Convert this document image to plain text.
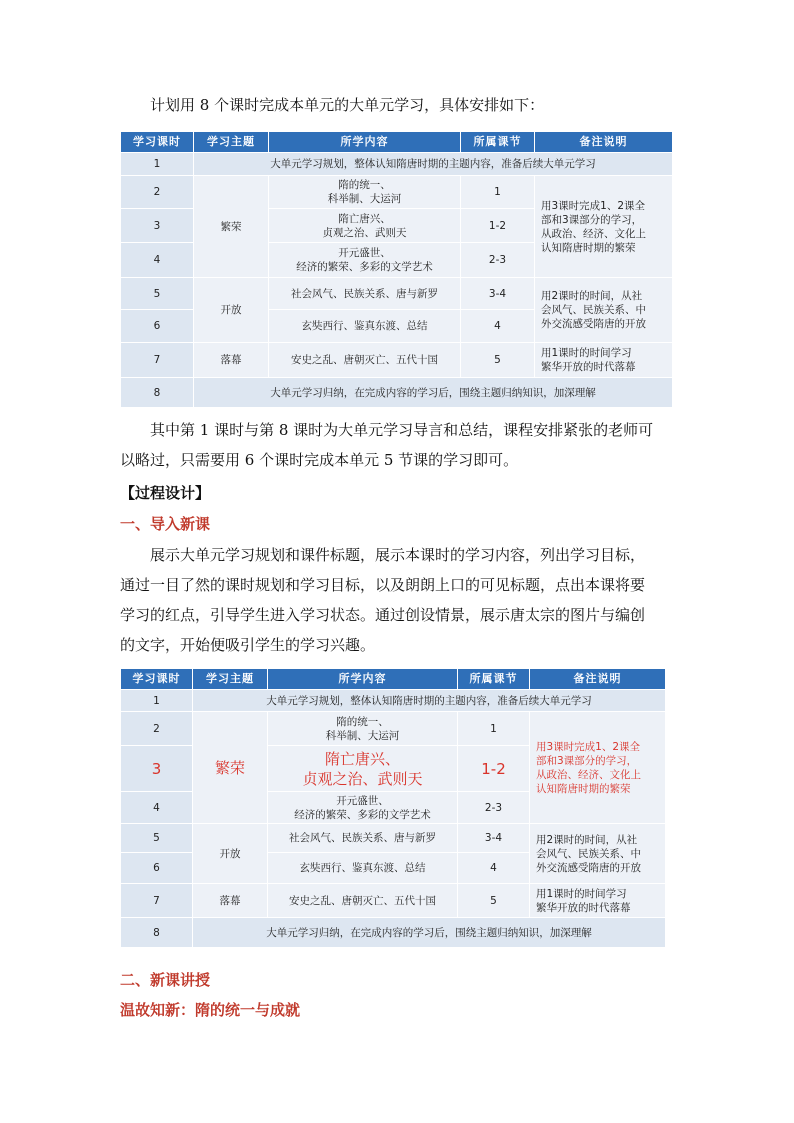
计划用 8 个课时完成本单元的大单元学习，具体安排如下：

学习课时	学习主题	所学内容	所属课节	备注说明
1	大单元学习规划，整体认知隋唐时期的主题内容，准备后续大单元学习			
2	繁荣	隋的统一、
科举制、大运河	1	用3课时完成1、2课全
部和3课部分的学习，
从政治、经济、文化上
认知隋唐时期的繁荣
3		隋亡唐兴、
贞观之治、武则天	1-2	
4		开元盛世、
经济的繁荣、多彩的文学艺术	2-3	
5	开放	社会风气、民族关系、唐与新罗	3-4	用2课时的时间，从社
会风气、民族关系、中
外交流感受隋唐的开放
6		玄奘西行、鉴真东渡、总结	4	
7	落幕	安史之乱、唐朝灭亡、五代十国	5	用1课时的时间学习
繁华开放的时代落幕
8	大单元学习归纳，在完成内容的学习后，围绕主题归纳知识，加深理解			

其中第 1 课时与第 8 课时为大单元学习导言和总结，课程安排紧张的老师可
以略过，只需要用 6 个课时完成本单元 5 节课的学习即可。

【过程设计】
一、导入新课

展示大单元学习规划和课件标题，展示本课时的学习内容，列出学习目标，
通过一目了然的课时规划和学习目标，以及朗朗上口的可见标题，点出本课将要
学习的红点，引导学生进入学习状态。通过创设情景，展示唐太宗的图片与编创
的文字，开始便吸引学生的学习兴趣。

学习课时	学习主题	所学内容	所属课节	备注说明
1	大单元学习规划，整体认知隋唐时期的主题内容，准备后续大单元学习			
2	繁荣	隋的统一、
科举制、大运河	1	用3课时完成1、2课全
部和3课部分的学习，
从政治、经济、文化上
认知隋唐时期的繁荣
3		隋亡唐兴、
贞观之治、武则天	1-2	
4		开元盛世、
经济的繁荣、多彩的文学艺术	2-3	
5	开放	社会风气、民族关系、唐与新罗	3-4	用2课时的时间，从社
会风气、民族关系、中
外交流感受隋唐的开放
6		玄奘西行、鉴真东渡、总结	4	
7	落幕	安史之乱、唐朝灭亡、五代十国	5	用1课时的时间学习
繁华开放的时代落幕
8	大单元学习归纳，在完成内容的学习后，围绕主题归纳知识，加深理解			
二、新课讲授
温故知新：隋的统一与成就
